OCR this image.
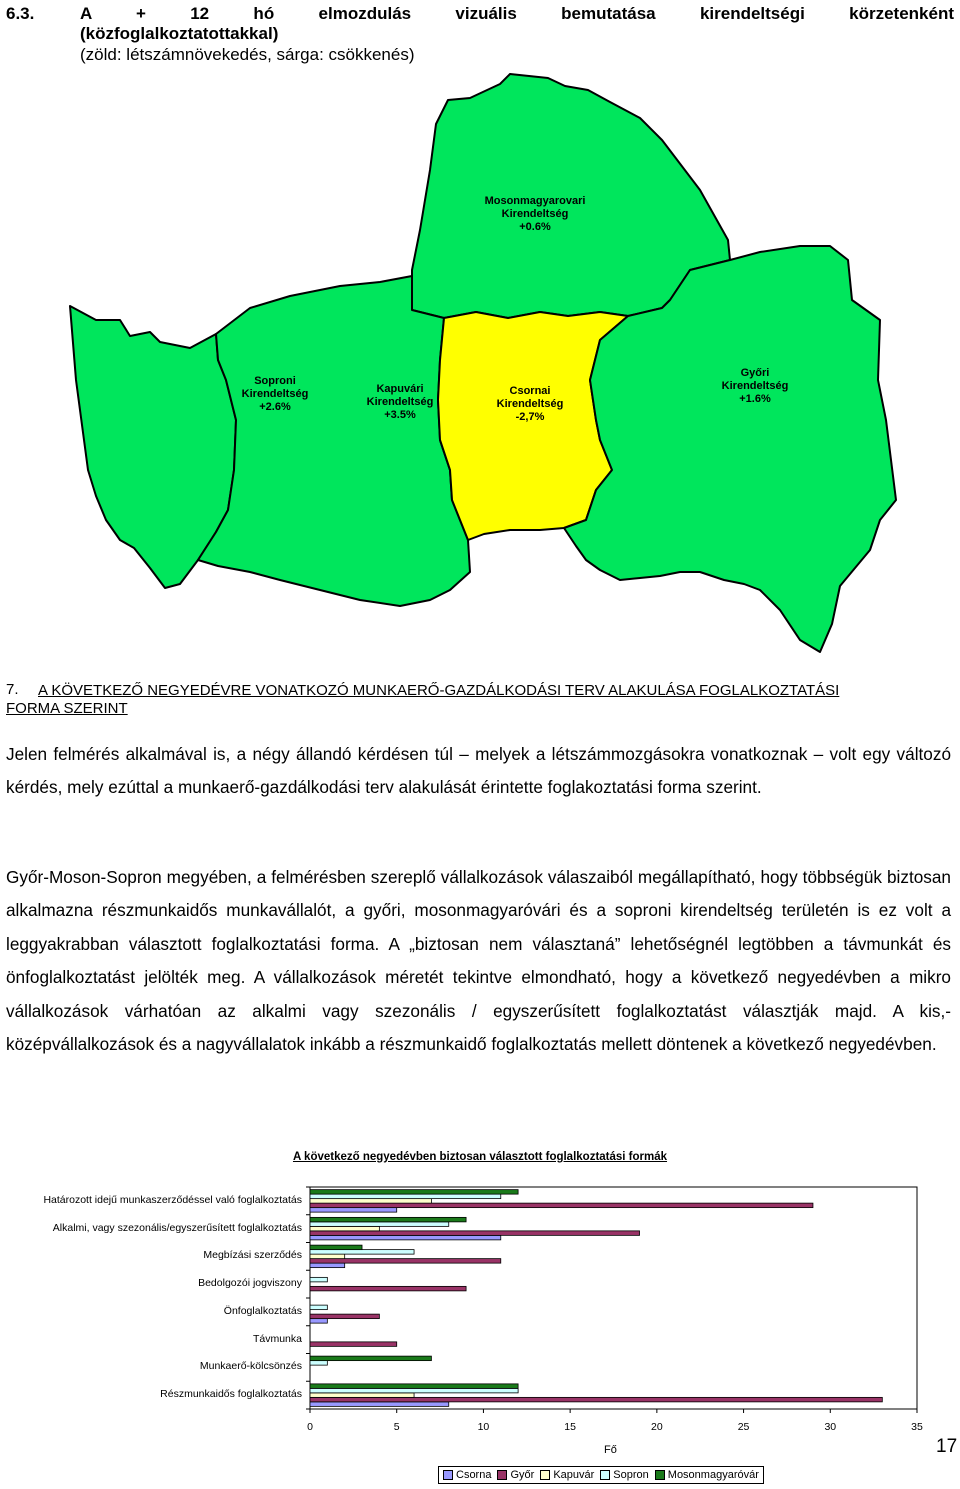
6.3.	A + 12 hó elmozdulás vizuális bemutatása kirendeltségi körzetenként
(közfoglalkoztatottakkal)
(zöld: létszámnövekedés, sárga: csökkenés)
Mosonmagyarovari
Kirendeltség
+0.6%
Soproni
Kirendeltség
+2.6%
Kapuvári
Kirendeltség
+3.5%
Csornai
Kirendeltség
-2,7%
Győri
Kirendeltség
+1.6%
7. A KÖVETKEZŐ NEGYEDÉVRE VONATKOZÓ MUNKAERŐ-GAZDÁLKODÁSI TERV ALAKULÁSA FOGLALKOZTATÁSI
FORMA SZERINT
Jelen felmérés alkalmával is, a négy állandó kérdésen túl – melyek a létszámmozgásokra vonatkoznak – volt egy változó kérdés, mely ezúttal a munkaerő-gazdálkodási terv alakulását érintette foglakoztatási forma szerint.
Győr-Moson-Sopron megyében, a felmérésben szereplő vállalkozások válaszaiból megállapítható, hogy többségük biztosan alkalmazna részmunkaidős munkavállalót, a győri, mosonmagyaróvári és a soproni kirendeltség területén is ez volt a leggyakrabban választott foglalkoztatási forma. A „biztosan nem választaná” lehetőségnél legtöbben a távmunkát és önfoglalkoztatást jelölték meg. A vállalkozások méretét tekintve elmondható, hogy a következő negyedévben a mikro vállalkozások várhatóan az alkalmi vagy szezonális / egyszerűsített foglalkoztatást választják majd. A kis,- középvállalkozások és a nagyvállalatok inkább a részmunkaidő foglalkoztatás mellett döntenek a következő negyedévben.
A következő negyedévben biztosan választott foglalkoztatási formák
Határozott idejű munkaszerződéssel való foglalkoztatás
Alkalmi, vagy szezonális/egyszerűsített foglalkoztatás
Megbízási szerződés
Bedolgozói jogviszony
Önfoglalkoztatás
Távmunka
Munkaerő-kölcsönzés
Részmunkaidős foglalkoztatás
0	5	10	15	20	25	30	35
Fő
Csorna Győr Kapuvár Sopron Mosonmagyaróvár
17
